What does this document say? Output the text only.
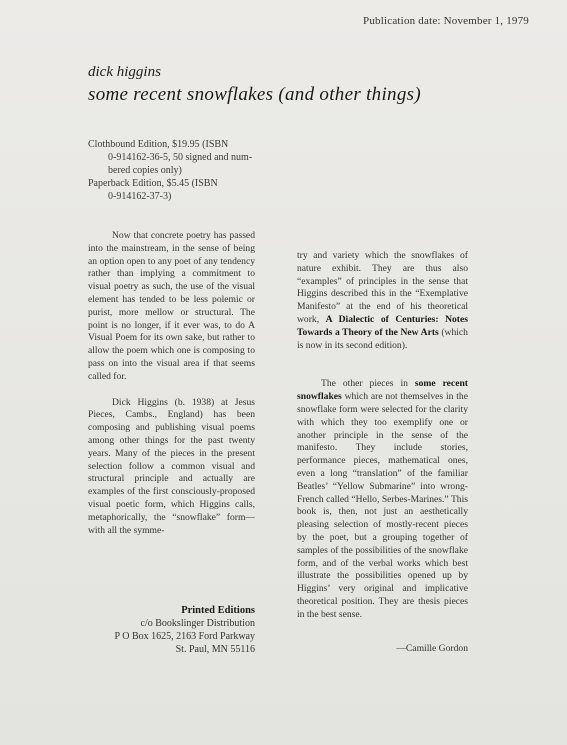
Publication date: November 1, 1979
dick higgins
some recent snowflakes (and other things)
Clothbound Edition, $19.95 (ISBN
0-914162-36-5, 50 signed and num-
bered copies only)
Paperback Edition, $5.45 (ISBN
0-914162-37-3)

Now that concrete poetry has passed into the mainstream, in the sense of being an option open to any poet of any tendency rather than implying a commitment to visual poetry as such, the use of the visual element has tended to be less polemic or purist, more mellow or structural. The point is no longer, if it ever was, to do A Visual Poem for its own sake, but rather to allow the poem which one is composing to pass on into the visual area if that seems called for.

Dick Higgins (b. 1938) at Jesus Pieces, Cambs., England) has been composing and publishing visual poems among other things for the past twenty years. Many of the pieces in the present selection follow a common visual and structural principle and actually are examples of the first consciously-proposed visual poetic form, which Higgins calls, metaphorically, the “snowflake” form—with all the symme-

try and variety which the snowflakes of nature exhibit. They are thus also “examples” of principles in the sense that Higgins described this in the “Exemplative Manifesto” at the end of his theoretical work, A Dialectic of Centuries: Notes Towards a Theory of the New Arts (which is now in its second edition).

The other pieces in some recent snowflakes which are not themselves in the snowflake form were selected for the clarity with which they too exemplify one or another principle in the sense of the manifesto. They include stories, performance pieces, mathematical ones, even a long “translation” of the familiar Beatles’ “Yellow Submarine” into wrong-French called “Hello, Serbes-Marines.” This book is, then, not just an aesthetically pleasing selection of mostly-recent pieces by the poet, but a grouping together of samples of the possibilities of the snowflake form, and of the verbal works which best illustrate the possibilities opened up by Higgins’ very original and implicative theoretical position. They are thesis pieces in the best sense.

—Camille Gordon
Printed Editions
c/o Bookslinger Distribution
P O Box 1625, 2163 Ford Parkway
St. Paul, MN 55116
